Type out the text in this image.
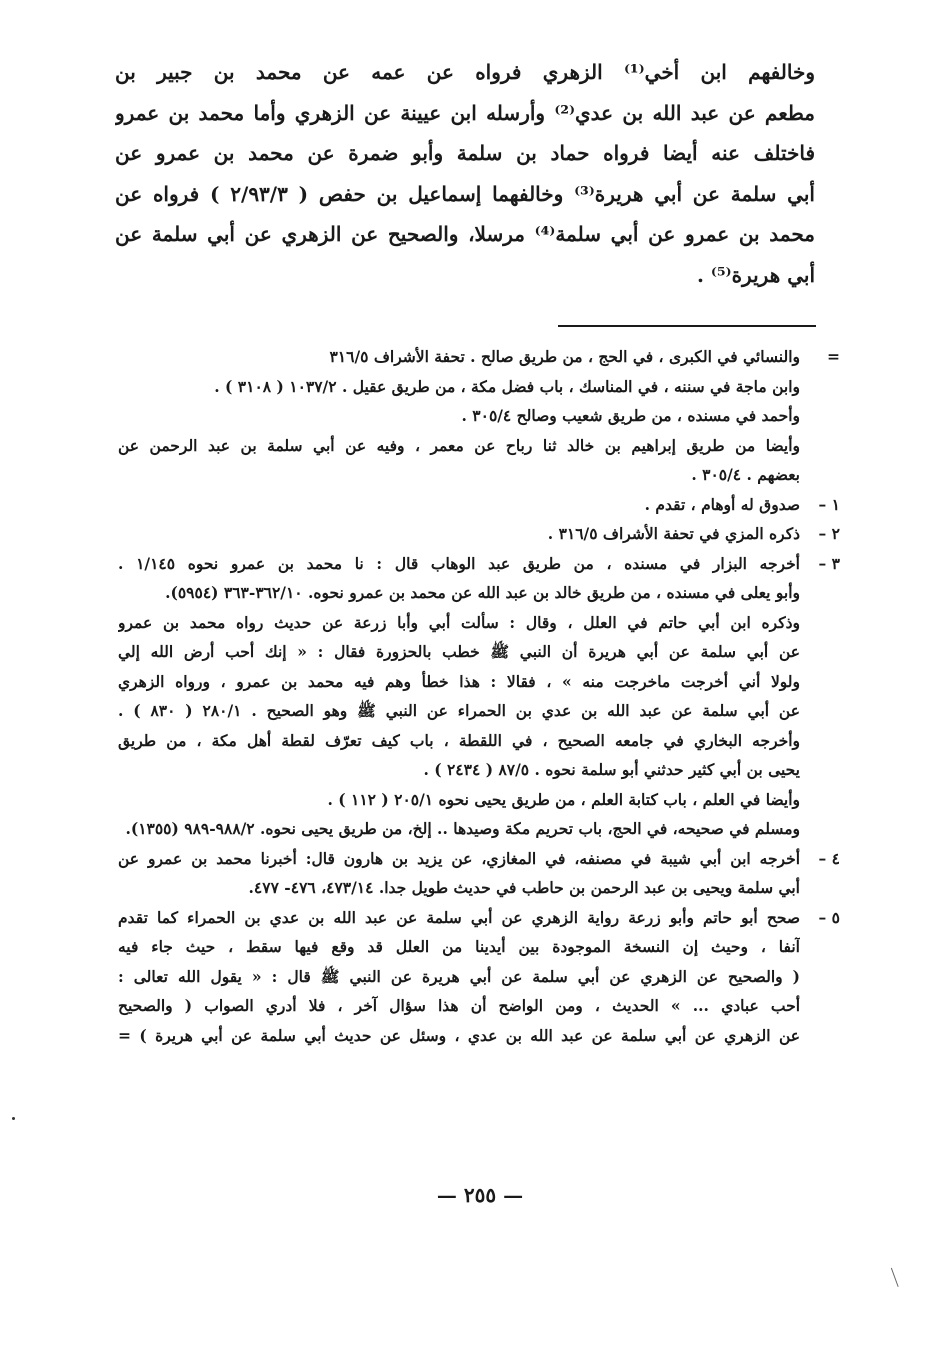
وخالفهم ابن أخي⁽¹⁾ الزهري فرواه عن عمه عن محمد بن جبير بن
مطعم عن عبد الله بن عدي⁽²⁾ وأرسله ابن عيينة عن الزهري وأما محمد بن عمرو
فاختلف عنه أيضا فرواه حماد بن سلمة وأبو ضمرة عن محمد بن عمرو عن
أبي سلمة عن أبي هريرة⁽³⁾ وخالفهما إسماعيل بن حفص ( ٢/٩٣/٣ ) فرواه عن
محمد بن عمرو عن أبي سلمة⁽⁴⁾ مرسلا، والصحيح عن الزهري عن أبي سلمة عن
أبي هريرة⁽⁵⁾ .
=
والنسائي في الكبرى ، في الحج ، من طريق صالح . تحفة الأشراف ٣١٦/٥
وابن ماجة في سننه ، في المناسك ، باب فضل مكة ، من طريق عقيل . ١٠٣٧/٢ ( ٣١٠٨ ) .
وأحمد في مسنده ، من طريق شعيب وصالح ٣٠٥/٤ .
وأيضا من طريق إبراهيم بن خالد ثنا رباح عن معمر ، وفيه عن أبي سلمة بن عبد الرحمن عن
بعضهم . ٣٠٥/٤ .
١ –
صدوق له أوهام ، تقدم .
٢ –
ذكره المزي في تحفة الأشراف ٣١٦/٥ .
٣ –
أخرجه البزار في مسنده ، من طريق عبد الوهاب قال : نا محمد بن عمرو نحوه ١/١٤٥ .
وأبو يعلى في مسنده ، من طريق خالد بن عبد الله عن محمد بن عمرو نحوه. ٣٦٢/١٠-٣٦٣ (٥٩٥٤).
وذكره ابن أبي حاتم في العلل ، وقال : سألت أبي وأبا زرعة عن حديث رواه محمد بن عمرو
عن أبي سلمة عن أبي هريرة أن النبي ﷺ خطب بالحزورة فقال : « إنك أحب أرض الله إلي
ولولا أني أخرجت ماخرجت منه » ، فقالا : هذا خطأ وهم فيه محمد بن عمرو ، ورواه الزهري
عن أبي سلمة عن عبد الله بن عدي بن الحمراء عن النبي ﷺ وهو الصحيح . ٢٨٠/١ ( ٨٣٠ ) .
وأخرجه البخاري في جامعه الصحيح ، في اللقطة ، باب كيف تعرّف لقطة أهل مكة ، من طريق
يحيى بن أبي كثير حدثني أبو سلمة نحوه . ٨٧/٥ ( ٢٤٣٤ ) .
وأيضا في العلم ، باب كتابة العلم ، من طريق يحيى نحوه ٢٠٥/١ ( ١١٢ ) .
ومسلم في صحيحه، في الحج، باب تحريم مكة وصيدها .. إلخ، من طريق يحيى نحوه. ٩٨٨/٢-٩٨٩ (١٣٥٥).
٤ –
أخرجه ابن أبي شيبة في مصنفه، في المغازي، عن يزيد بن هارون قال: أخبرنا محمد بن عمرو عن
أبي سلمة ويحيى بن عبد الرحمن بن حاطب في حديث طويل جدا. ٤٧٣/١٤، ٤٧٦- ٤٧٧.
٥ –
صحح أبو حاتم وأبو زرعة رواية الزهري عن أبي سلمة عن عبد الله بن عدي بن الحمراء كما تقدم
آنفا ، وحيث إن النسخة الموجودة بين أيدينا من العلل قد وقع فيها سقط ، حيث جاء فيه
( والصحيح عن الزهري عن أبي سلمة عن أبي هريرة عن النبي ﷺ قال : « يقول الله تعالى :
أحب عبادي ... » الحديث ، ومن الواضح أن هذا سؤال آخر ، فلا أدري الصواب ( والصحيح
عن الزهري عن أبي سلمة عن عبد الله بن عدي ، وسئل عن حديث أبي سلمة عن أبي هريرة ) =
— ٢٥٥ —
